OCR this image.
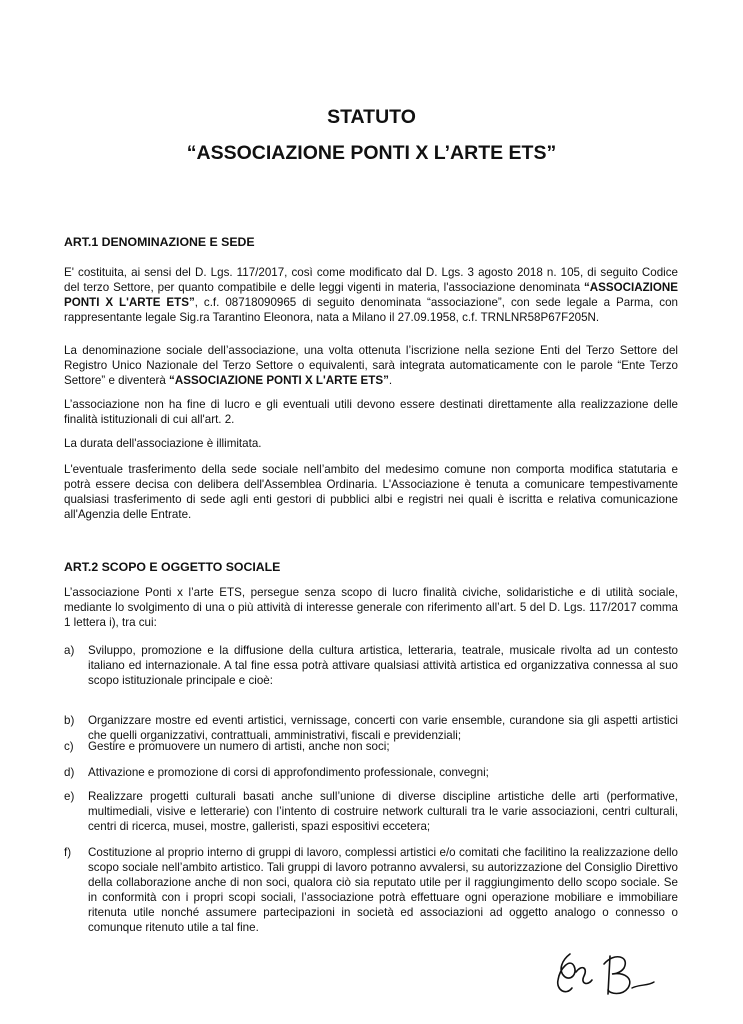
STATUTO
“ASSOCIAZIONE PONTI X L’ARTE ETS”
ART.1 DENOMINAZIONE E SEDE

E' costituita, ai sensi del D. Lgs. 117/2017, così come modificato dal D. Lgs. 3 agosto 2018 n. 105, di seguito Codice del terzo Settore, per quanto compatibile e delle leggi vigenti in materia, l'associazione denominata “ASSOCIAZIONE PONTI X L'ARTE ETS”, c.f. 08718090965 di seguito denominata “associazione”, con sede legale a Parma, con rappresentante legale Sig.ra Tarantino Eleonora, nata a Milano il 27.09.1958, c.f. TRNLNR58P67F205N.

La denominazione sociale dell’associazione, una volta ottenuta l’iscrizione nella sezione Enti del Terzo Settore del Registro Unico Nazionale del Terzo Settore o equivalenti, sarà integrata automaticamente con le parole “Ente Terzo Settore” e diventerà “ASSOCIAZIONE PONTI X L'ARTE ETS”.

L’associazione non ha fine di lucro e gli eventuali utili devono essere destinati direttamente alla realizzazione delle finalità istituzionali di cui all'art. 2.

La durata dell'associazione è illimitata.

L'eventuale trasferimento della sede sociale nell’ambito del medesimo comune non comporta modifica statutaria e potrà essere decisa con delibera dell'Assemblea Ordinaria. L'Associazione è tenuta a comunicare tempestivamente qualsiasi trasferimento di sede agli enti gestori di pubblici albi e registri nei quali è iscritta e relativa comunicazione all'Agenzia delle Entrate.

ART.2 SCOPO E OGGETTO SOCIALE

L’associazione Ponti x l’arte ETS, persegue senza scopo di lucro finalità civiche, solidaristiche e di utilità sociale, mediante lo svolgimento di una o più attività di interesse generale con riferimento all’art. 5 del D. Lgs. 117/2017 comma 1 lettera i), tra cui:

a) Sviluppo, promozione e la diffusione della cultura artistica, letteraria, teatrale, musicale rivolta ad un contesto italiano ed internazionale. A tal fine essa potrà attivare qualsiasi attività artistica ed organizzativa connessa al suo scopo istituzionale principale e cioè:
b) Organizzare mostre ed eventi artistici, vernissage, concerti con varie ensemble, curandone sia gli aspetti artistici che quelli organizzativi, contrattuali, amministrativi, fiscali e previdenziali;
c) Gestire e promuovere un numero di artisti, anche non soci;
d) Attivazione e promozione di corsi di approfondimento professionale, convegni;
e) Realizzare progetti culturali basati anche sull’unione di diverse discipline artistiche delle arti (performative, multimediali, visive e letterarie) con l’intento di costruire network culturali tra le varie associazioni, centri culturali, centri di ricerca, musei, mostre, galleristi, spazi espositivi eccetera;
f) Costituzione al proprio interno di gruppi di lavoro, complessi artistici e/o comitati che facilitino la realizzazione dello scopo sociale nell’ambito artistico. Tali gruppi di lavoro potranno avvalersi, su autorizzazione del Consiglio Direttivo della collaborazione anche di non soci, qualora ciò sia reputato utile per il raggiungimento dello scopo sociale. Se in conformità con i propri scopi sociali, l’associazione potrà effettuare ogni operazione mobiliare e immobiliare ritenuta utile nonché assumere partecipazioni in società ed associazioni ad oggetto analogo o connesso o comunque ritenuto utile a tal fine.
